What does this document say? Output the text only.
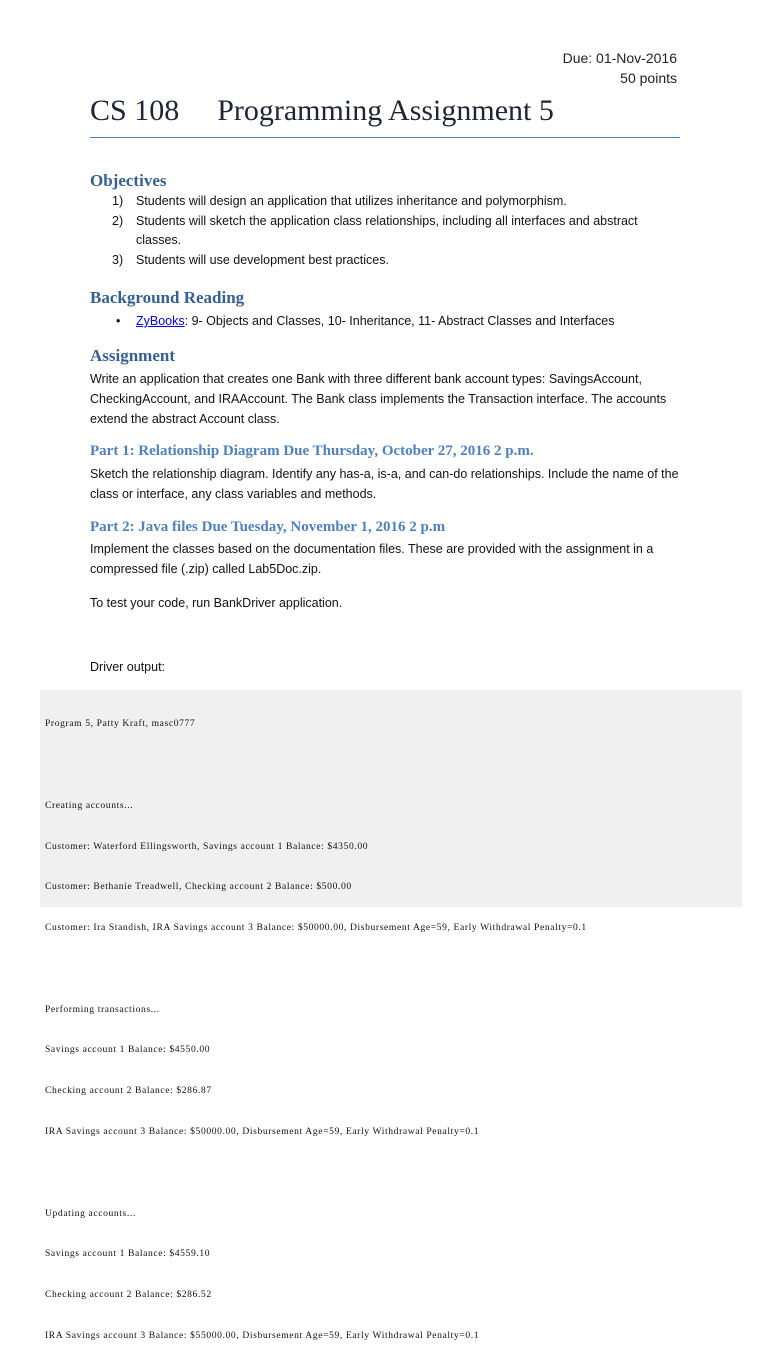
Due: 01-Nov-2016
50 points
CS 108 Programming Assignment 5
Objectives
1) Students will design an application that utilizes inheritance and polymorphism.
2) Students will sketch the application class relationships, including all interfaces and abstract classes.
3) Students will use development best practices.
Background Reading
• ZyBooks: 9- Objects and Classes, 10- Inheritance, 11- Abstract Classes and Interfaces
Assignment

Write an application that creates one Bank with three different bank account types: SavingsAccount, CheckingAccount, and IRAAccount. The Bank class implements the Transaction interface. The accounts extend the abstract Account class.

Part 1: Relationship Diagram Due Thursday, October 27, 2016 2 p.m.

Sketch the relationship diagram. Identify any has-a, is-a, and can-do relationships. Include the name of the class or interface, any class variables and methods.

Part 2: Java files Due Tuesday, November 1, 2016 2 p.m

Implement the classes based on the documentation files. These are provided with the assignment in a compressed file (.zip) called Lab5Doc.zip.

To test your code, run BankDriver application.

Driver output:

Program 5, Patty Kraft, masc0777

Creating accounts...

Customer: Waterford Ellingsworth, Savings account 1 Balance: $4350.00

Customer: Bethanie Treadwell, Checking account 2 Balance: $500.00

Customer: Ira Standish, IRA Savings account 3 Balance: $50000.00, Disbursement Age=59, Early Withdrawal Penalty=0.1

Performing transactions...

Savings account 1 Balance: $4550.00

Checking account 2 Balance: $286.87

IRA Savings account 3 Balance: $50000.00, Disbursement Age=59, Early Withdrawal Penalty=0.1

Updating accounts...

Savings account 1 Balance: $4559.10

Checking account 2 Balance: $286.52

IRA Savings account 3 Balance: $55000.00, Disbursement Age=59, Early Withdrawal Penalty=0.1
